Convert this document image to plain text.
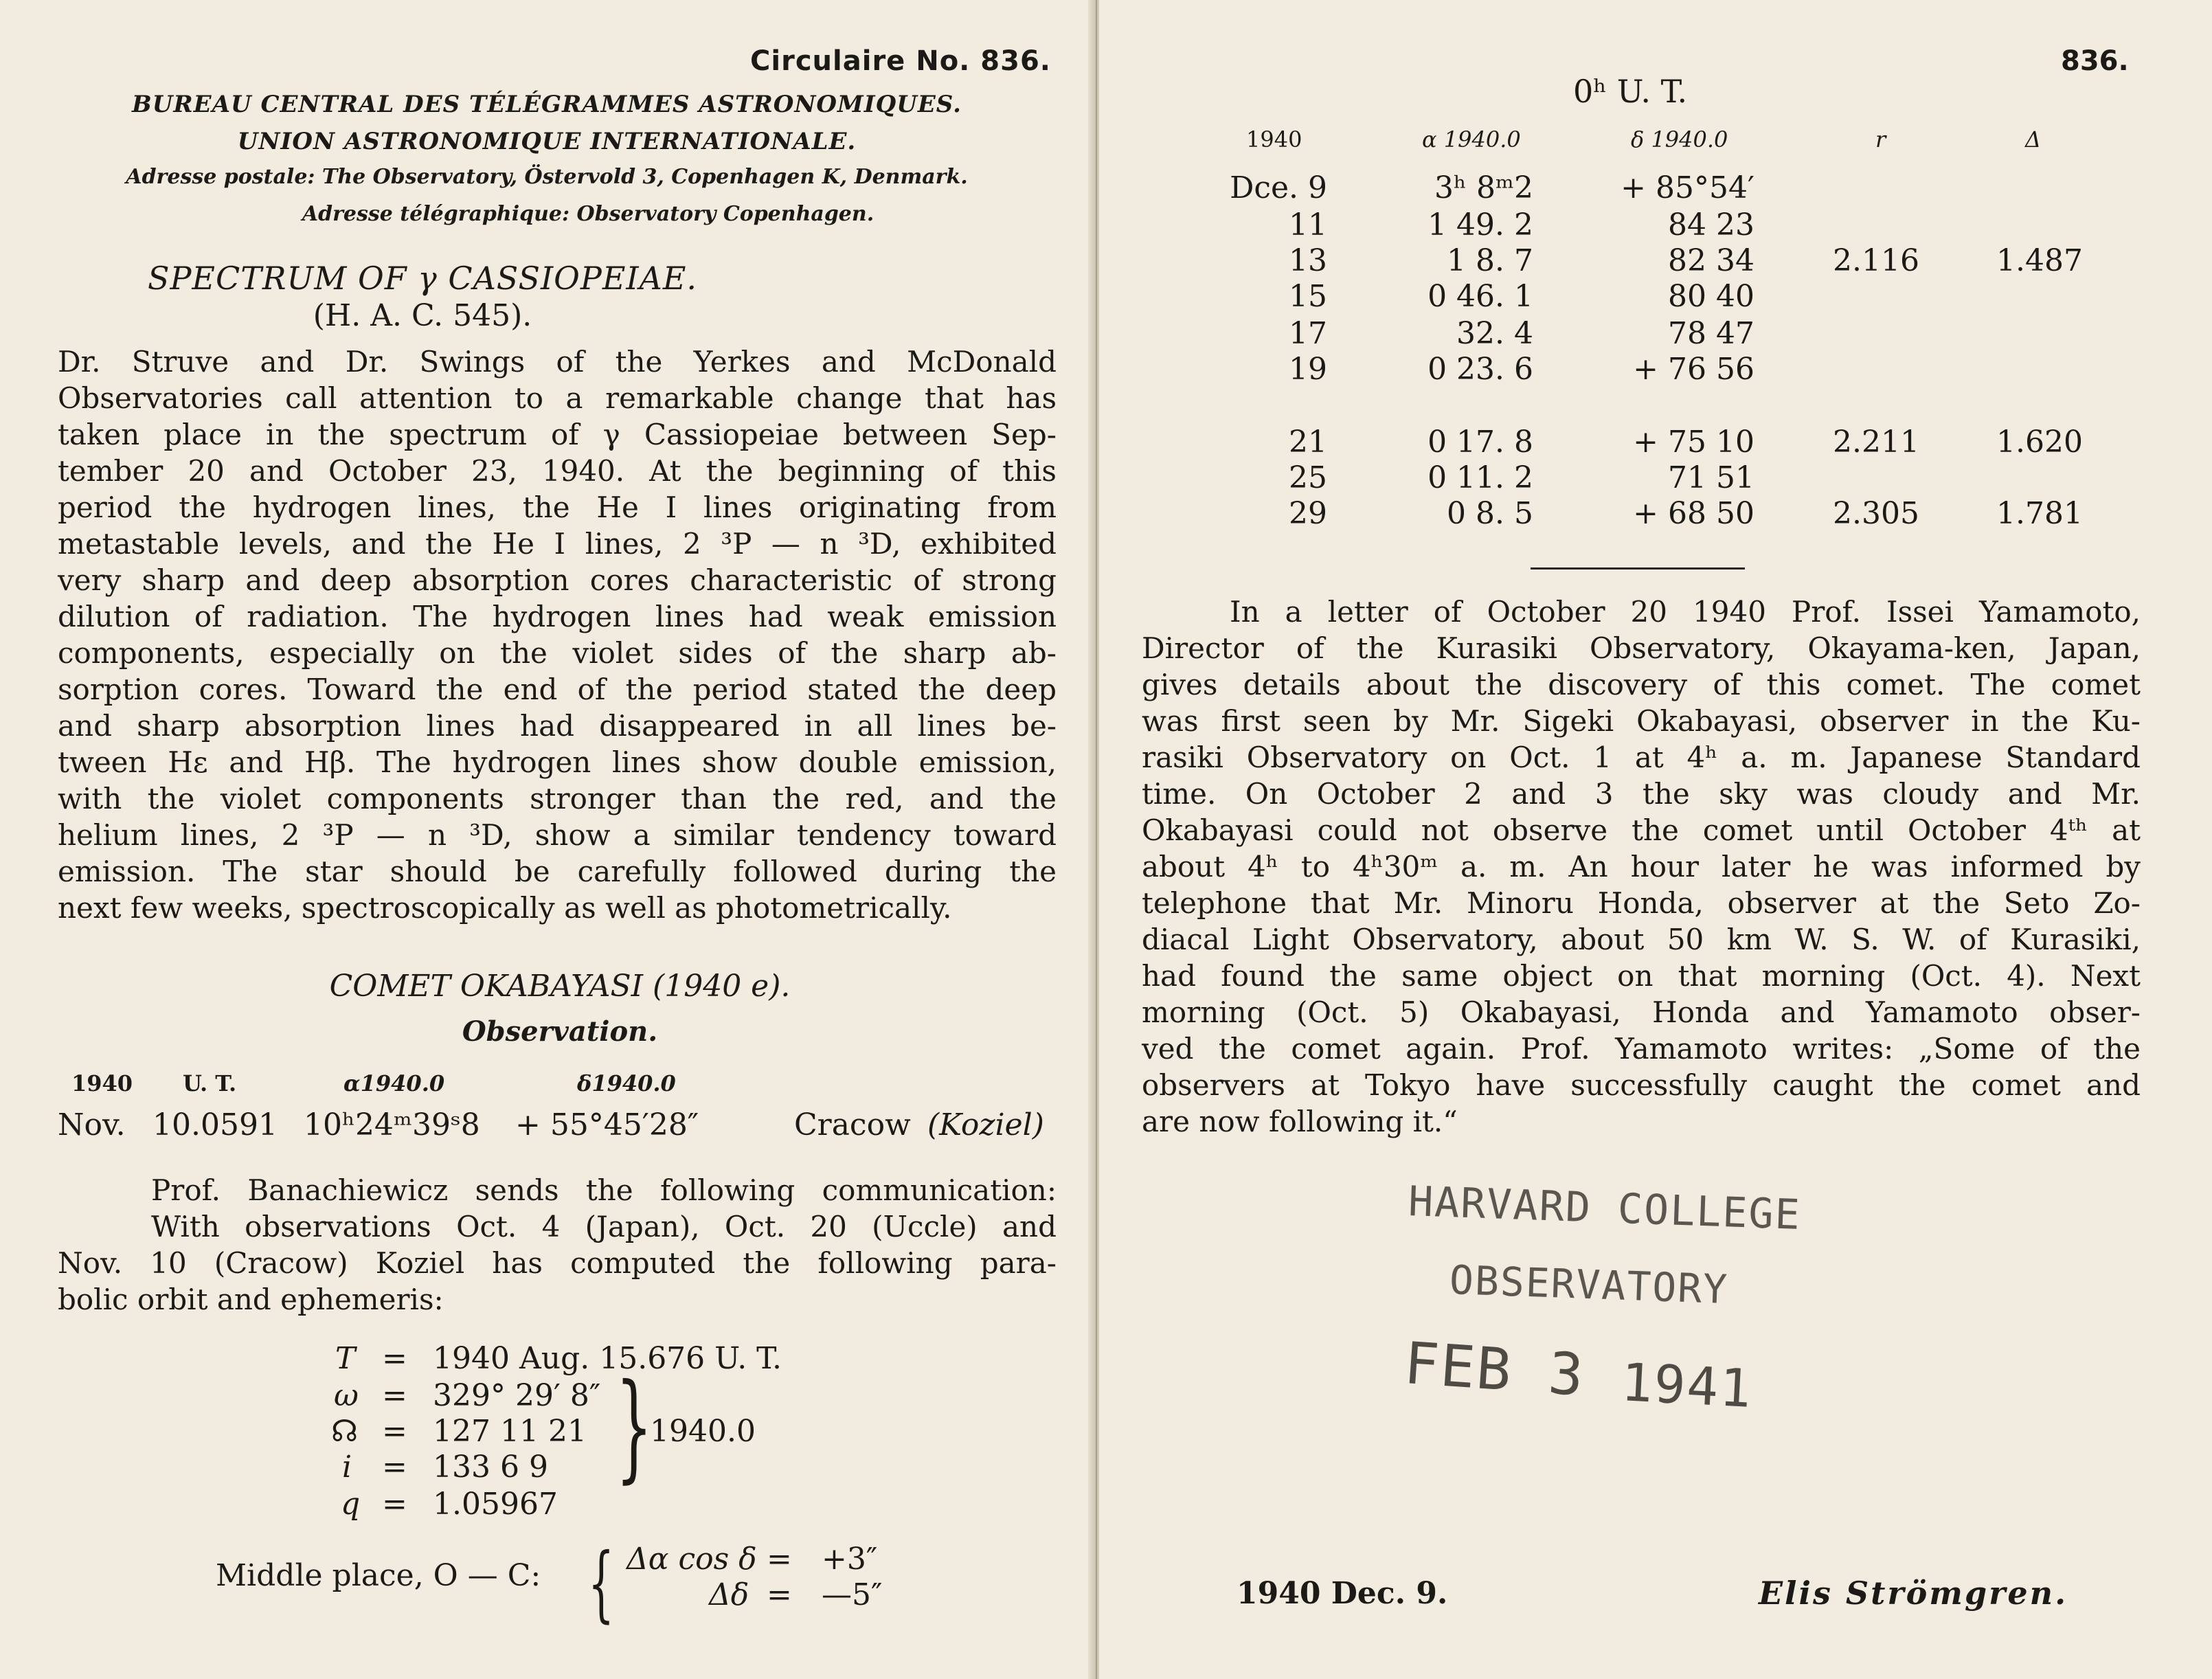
Circulaire No. 836.

BUREAU CENTRAL DES TÉLÉGRAMMES ASTRONOMIQUES.

UNION ASTRONOMIQUE INTERNATIONALE.

Adresse postale: The Observatory, Östervold 3, Copenhagen K, Denmark.

Adresse télégraphique: Observatory Copenhagen.

SPECTRUM OF γ CASSIOPEIAE.

(H. A. C. 545).

Dr. Struve and Dr. Swings of the Yerkes and McDonald
Observatories call attention to a remarkable change that has
taken place in the spectrum of γ Cassiopeiae between Sep-
tember 20 and October 23, 1940. At the beginning of this
period the hydrogen lines, the He I lines originating from
metastable levels, and the He I lines, 2 ³P — n ³D, exhibited
very sharp and deep absorption cores characteristic of strong
dilution of radiation. The hydrogen lines had weak emission
components, especially on the violet sides of the sharp ab-
sorption cores. Toward the end of the period stated the deep
and sharp absorption lines had disappeared in all lines be-
tween Hε and Hβ. The hydrogen lines show double emission,
with the violet components stronger than the red, and the
helium lines, 2 ³P — n ³D, show a similar tendency toward
emission. The star should be carefully followed during the
next few weeks, spectroscopically as well as photometrically.

COMET OKABAYASI (1940 e).

Observation.

1940 U. T.	α1940.0	δ1940.0
Nov. 10.0591 10ʰ24ᵐ39ˢ8 + 55°45′28″	Cracow (Koziel)
Prof. Banachiewicz sends the following communication:
With observations Oct. 4 (Japan), Oct. 20 (Uccle) and
Nov. 10 (Cracow) Koziel has computed the following para-
bolic orbit and ephemeris:
T = 1940 Aug. 15.676 U. T.
ω = 329° 29′ 8″
☊ = 127 11 21
i = 133 6 9
q = 1.05967
}
1940.0
Middle place, O — C: { Δα cos δ = +3″
Δδ = —5″

836.

0ʰ U. T.

1940	α 1940.0	δ 1940.0	r	Δ
Dce. 9	3ʰ 8ᵐ2	+ 85°54′
11	1 49. 2	84 23
13	1 8. 7	82 34	2.116	1.487
15	0 46. 1	80 40
17	32. 4	78 47
19	0 23. 6	+ 76 56
21	0 17. 8	+ 75 10	2.211	1.620
25	0 11. 2	71 51
29	0 8. 5	+ 68 50	2.305	1.781
In a letter of October 20 1940 Prof. Issei Yamamoto,
Director of the Kurasiki Observatory, Okayama-ken, Japan,
gives details about the discovery of this comet. The comet
was first seen by Mr. Sigeki Okabayasi, observer in the Ku-
rasiki Observatory on Oct. 1 at 4ʰ a. m. Japanese Standard
time. On October 2 and 3 the sky was cloudy and Mr.
Okabayasi could not observe the comet until October 4ᵗʰ at
about 4ʰ to 4ʰ30ᵐ a. m. An hour later he was informed by
telephone that Mr. Minoru Honda, observer at the Seto Zo-
diacal Light Observatory, about 50 km W. S. W. of Kurasiki,
had found the same object on that morning (Oct. 4). Next
morning (Oct. 5) Okabayasi, Honda and Yamamoto obser-
ved the comet again. Prof. Yamamoto writes: „Some of the
observers at Tokyo have successfully caught the comet and
are now following it.“
HARVARD COLLEGE
OBSERVATORY
FEB 3 1941

1940 Dec. 9.	Elis Strömgren.
